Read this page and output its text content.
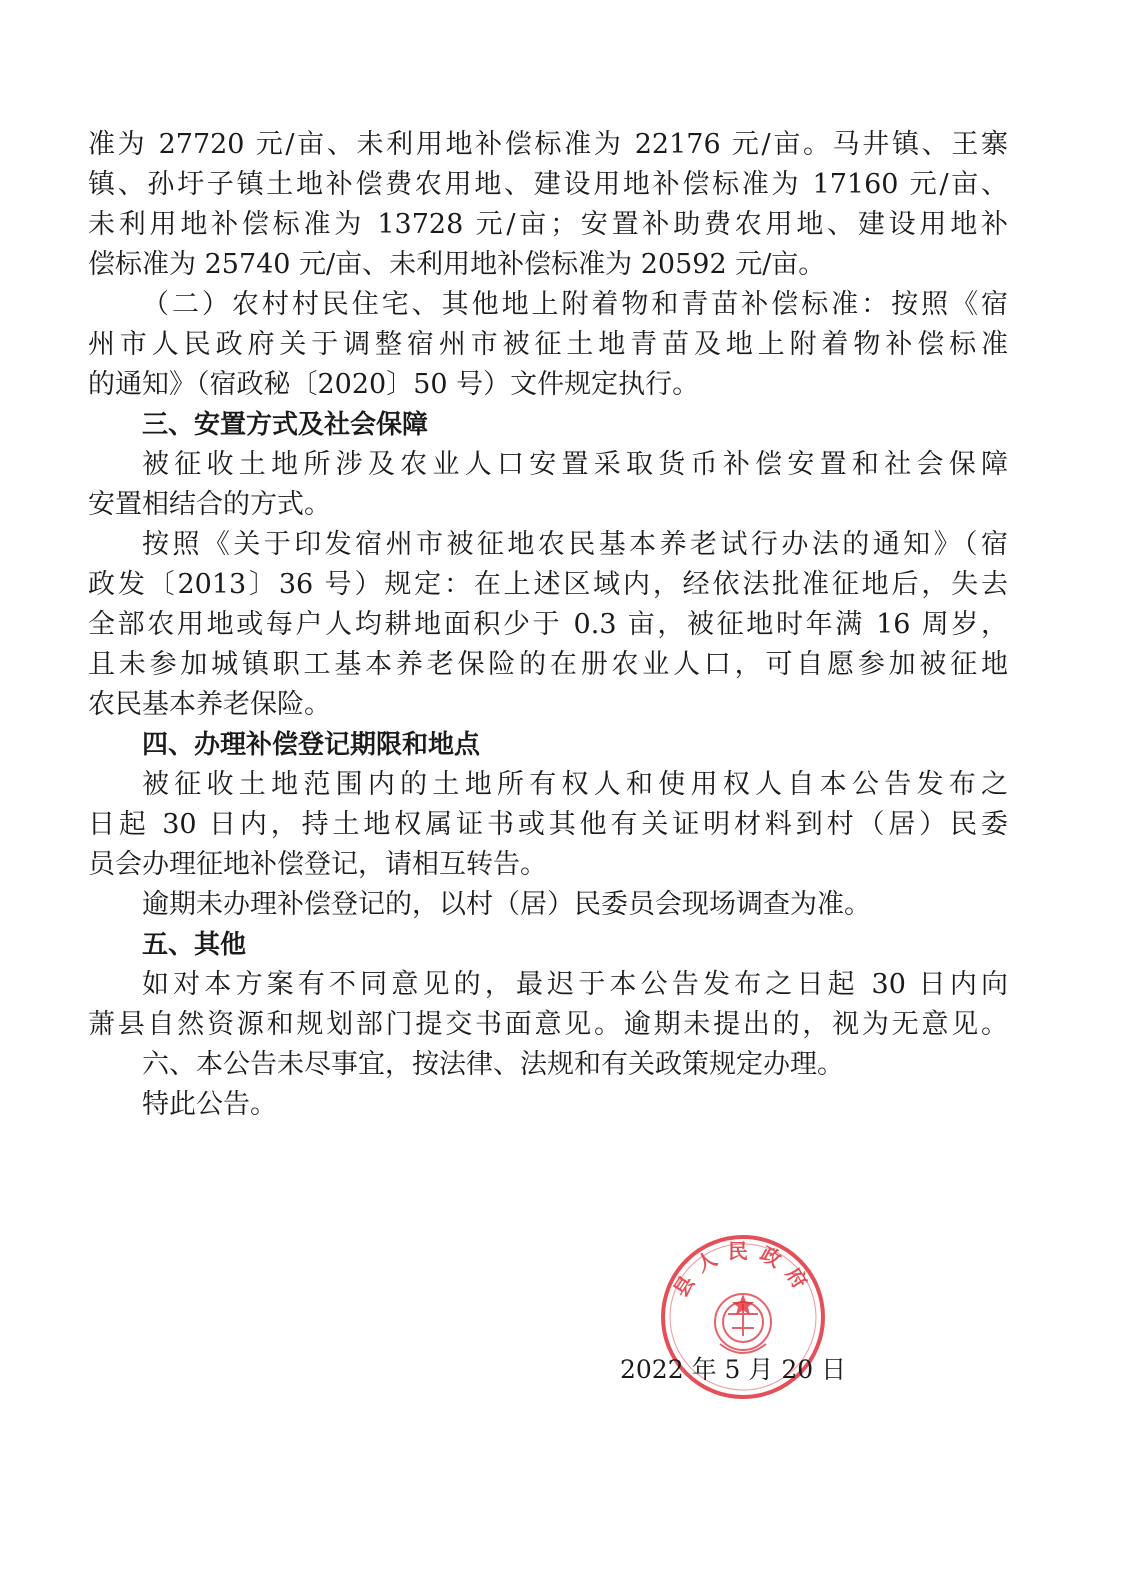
准为 27720 元/亩、未利用地补偿标准为 22176 元/亩。马井镇、王寨
镇、孙圩子镇土地补偿费农用地、建设用地补偿标准为 17160 元/亩、
未利用地补偿标准为 13728 元/亩；安置补助费农用地、建设用地补
偿标准为 25740 元/亩、未利用地补偿标准为 20592 元/亩。
（二）农村村民住宅、其他地上附着物和青苗补偿标准：按照《宿
州市人民政府关于调整宿州市被征土地青苗及地上附着物补偿标准
的通知》（宿政秘〔2020〕50 号）文件规定执行。
三、安置方式及社会保障
被征收土地所涉及农业人口安置采取货币补偿安置和社会保障
安置相结合的方式。
按照《关于印发宿州市被征地农民基本养老试行办法的通知》（宿
政发〔2013〕36 号）规定：在上述区域内，经依法批准征地后，失去
全部农用地或每户人均耕地面积少于 0.3 亩，被征地时年满 16 周岁，
且未参加城镇职工基本养老保险的在册农业人口，可自愿参加被征地
农民基本养老保险。
四、办理补偿登记期限和地点
被征收土地范围内的土地所有权人和使用权人自本公告发布之
日起 30 日内，持土地权属证书或其他有关证明材料到村（居）民委
员会办理征地补偿登记，请相互转告。
逾期未办理补偿登记的，以村（居）民委员会现场调查为准。
五、其他
如对本方案有不同意见的，最迟于本公告发布之日起 30 日内向
萧县自然资源和规划部门提交书面意见。逾期未提出的，视为无意见。
六、本公告未尽事宜，按法律、法规和有关政策规定办理。
特此公告。
县人民政府
2022 年 5 月 20 日
